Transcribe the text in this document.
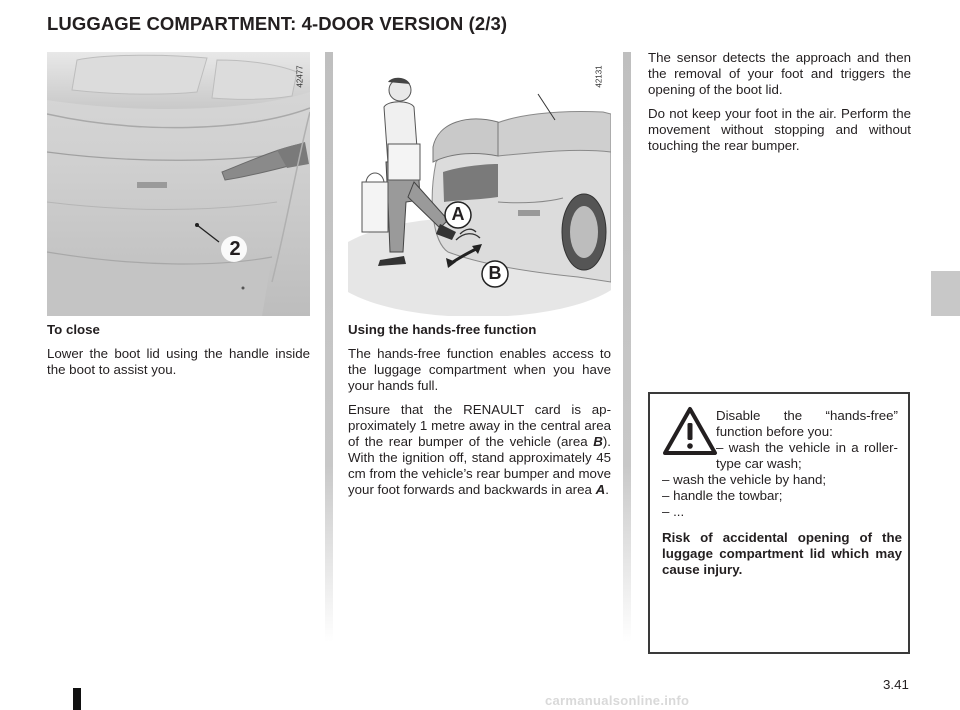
LUGGAGE COMPARTMENT: 4-DOOR VERSION (2/3)
2
42477
A
B
42131
To close

Lower the boot lid using the handle inside the boot to assist you.

Using the hands-free function

The hands-free function enables access to the luggage compartment when you have your hands full.

Ensure that the RENAULT card is approximately 1 metre away in the central area of the rear bumper of the vehicle (area B). With the ignition off, stand approximately 45 cm from the vehicle’s rear bumper and move your foot forwards and backwards in area A.

The sensor detects the approach and then the removal of your foot and triggers the opening of the boot lid.

Do not keep your foot in the air. Perform the movement without stopping and without touching the rear bumper.

Disable the “hands-free” function before you:
– wash the vehicle in a roller-type car wash;
– wash the vehicle by hand;
– handle the towbar;
– ...
Risk of accidental opening of the luggage compartment lid which may cause injury.
3.41
carmanualsonline.info
